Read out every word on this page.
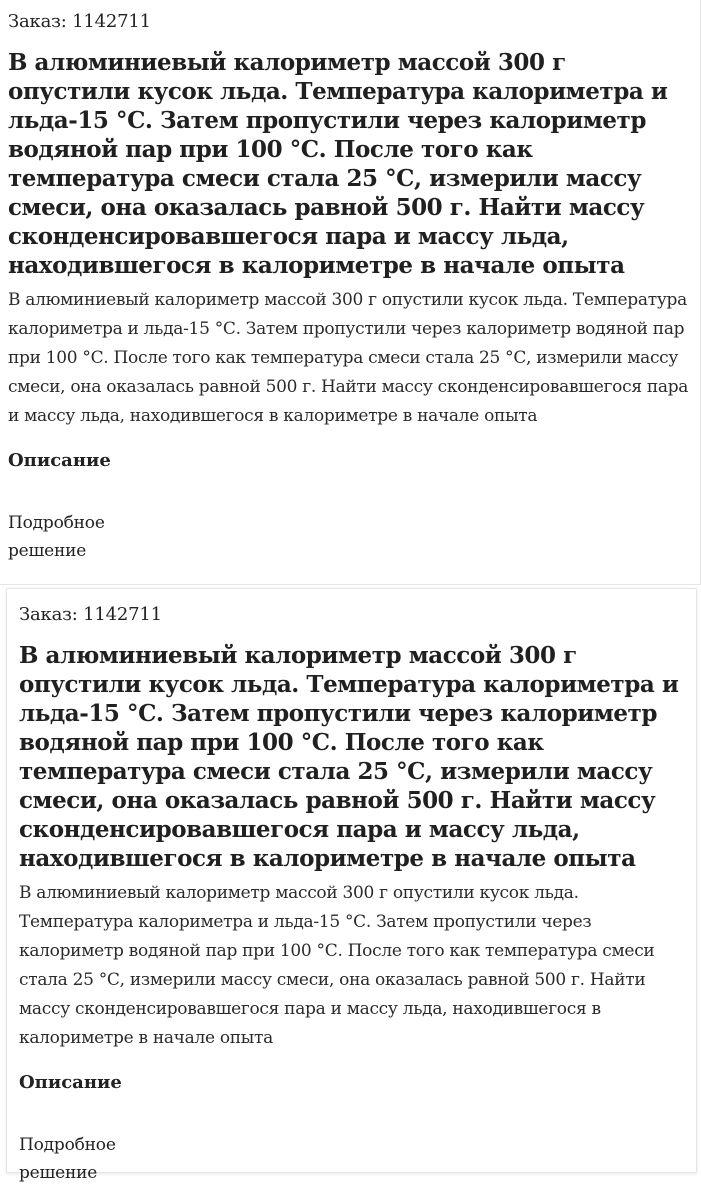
Заказ: 1142711
В алюминиевый калориметр массой 300 г опустили кусок льда. Температура калориметра и льда-15 °С. Затем пропустили через калориметр водяной пар при 100 °С. После того как температура смеси стала 25 °С, измерили массу смеси, она оказалась равной 500 г. Найти массу сконденсировавшегося пара и массу льда, находившегося в калориметре в начале опыта

В алюминиевый калориметр массой 300 г опустили кусок льда. Температура калориметра и льда-15 °С. Затем пропустили через калориметр водяной пар при 100 °С. После того как температура смеси стала 25 °С, измерили массу смеси, она оказалась равной 500 г. Найти массу сконденсировавшегося пара и массу льда, находившегося в калориметре в начале опыта

Описание
Подробное решение
Заказ: 1142711
В алюминиевый калориметр массой 300 г опустили кусок льда. Температура калориметра и льда-15 °С. Затем пропустили через калориметр водяной пар при 100 °С. После того как температура смеси стала 25 °С, измерили массу смеси, она оказалась равной 500 г. Найти массу сконденсировавшегося пара и массу льда, находившегося в калориметре в начале опыта

В алюминиевый калориметр массой 300 г опустили кусок льда. Температура калориметра и льда-15 °С. Затем пропустили через калориметр водяной пар при 100 °С. После того как температура смеси стала 25 °С, измерили массу смеси, она оказалась равной 500 г. Найти массу сконденсировавшегося пара и массу льда, находившегося в калориметре в начале опыта

Описание
Подробное решение
